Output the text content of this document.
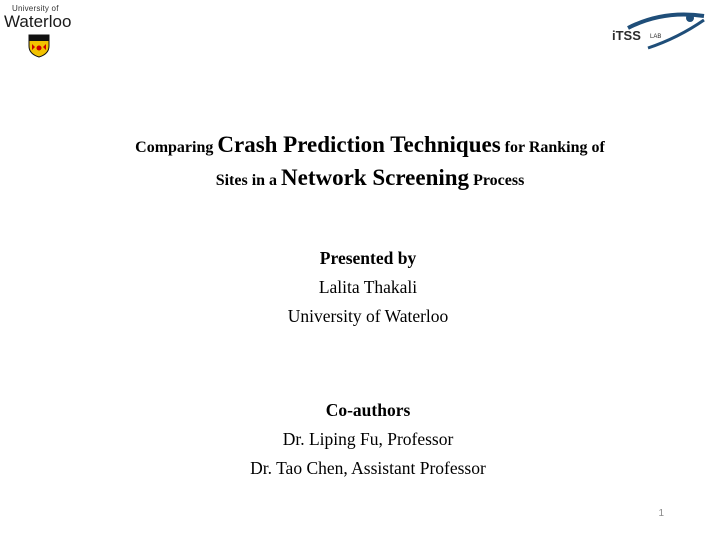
University of
Waterloo
iTSS LAB
Comparing Crash Prediction Techniques for Ranking of
Sites in a Network Screening Process
Presented by
Lalita Thakali
University of Waterloo
Co-authors
Dr. Liping Fu, Professor
Dr. Tao Chen, Assistant Professor
1
